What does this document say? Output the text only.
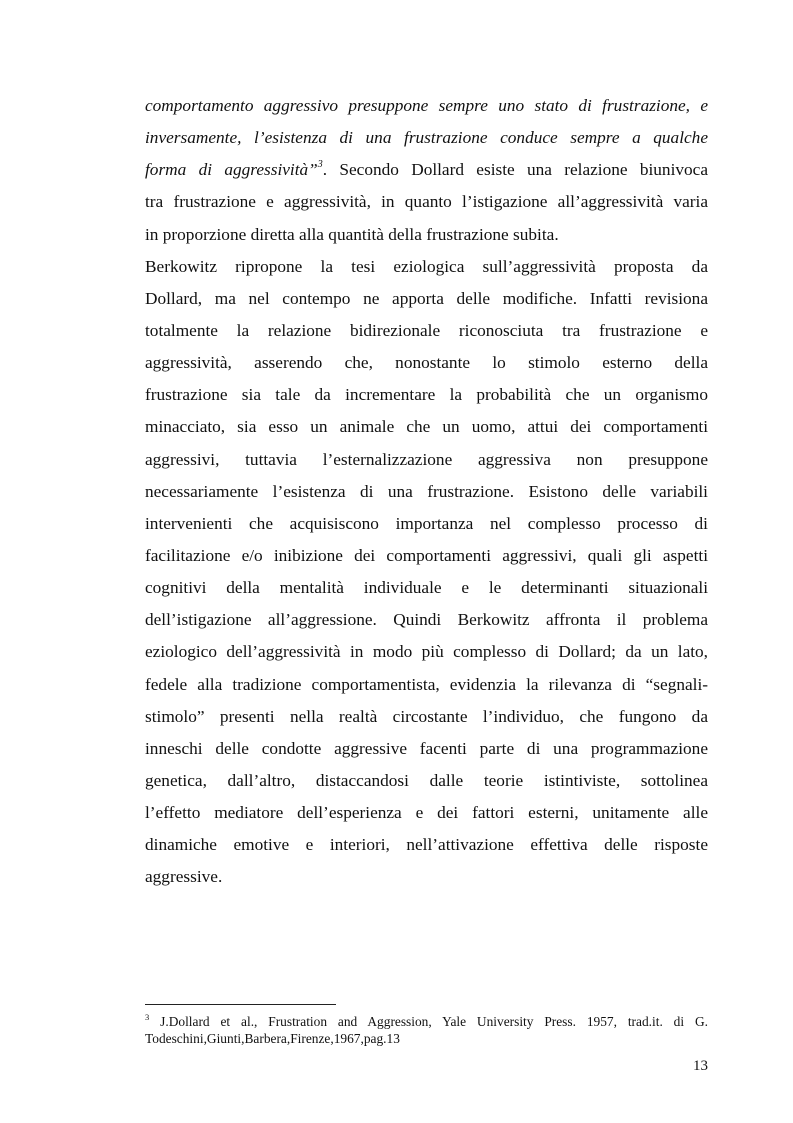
comportamento aggressivo presuppone sempre uno stato di frustrazione, e
inversamente, l’esistenza di una frustrazione conduce sempre a qualche
forma di aggressività”$^3$. Secondo Dollard esiste una relazione biunivoca
tra frustrazione e aggressività, in quanto l’istigazione all’aggressività varia
in proporzione diretta alla quantità della frustrazione subita.

Berkowitz ripropone la tesi eziologica sull’aggressività proposta da
Dollard, ma nel contempo ne apporta delle modifiche. Infatti revisiona
totalmente la relazione bidirezionale riconosciuta tra frustrazione e
aggressività, asserendo che, nonostante lo stimolo esterno della
frustrazione sia tale da incrementare la probabilità che un organismo
minacciato, sia esso un animale che un uomo, attui dei comportamenti
aggressivi, tuttavia l’esternalizzazione aggressiva non presuppone
necessariamente l’esistenza di una frustrazione. Esistono delle variabili
intervenienti che acquisiscono importanza nel complesso processo di
facilitazione e/o inibizione dei comportamenti aggressivi, quali gli aspetti
cognitivi della mentalità individuale e le determinanti situazionali
dell’istigazione all’aggressione. Quindi Berkowitz affronta il problema
eziologico dell’aggressività in modo più complesso di Dollard; da un lato,
fedele alla tradizione comportamentista, evidenzia la rilevanza di “segnali-
stimolo” presenti nella realtà circostante l’individuo, che fungono da
inneschi delle condotte aggressive facenti parte di una programmazione
genetica, dall’altro, distaccandosi dalle teorie istintiviste, sottolinea
l’effetto mediatore dell’esperienza e dei fattori esterni, unitamente alle
dinamiche emotive e interiori, nell’attivazione effettiva delle risposte
aggressive.

$^3$ J.Dollard et al., Frustration and Aggression, Yale University Press. 1957, trad.it. di G.
Todeschini,Giunti,Barbera,Firenze,1967,pag.13
13
